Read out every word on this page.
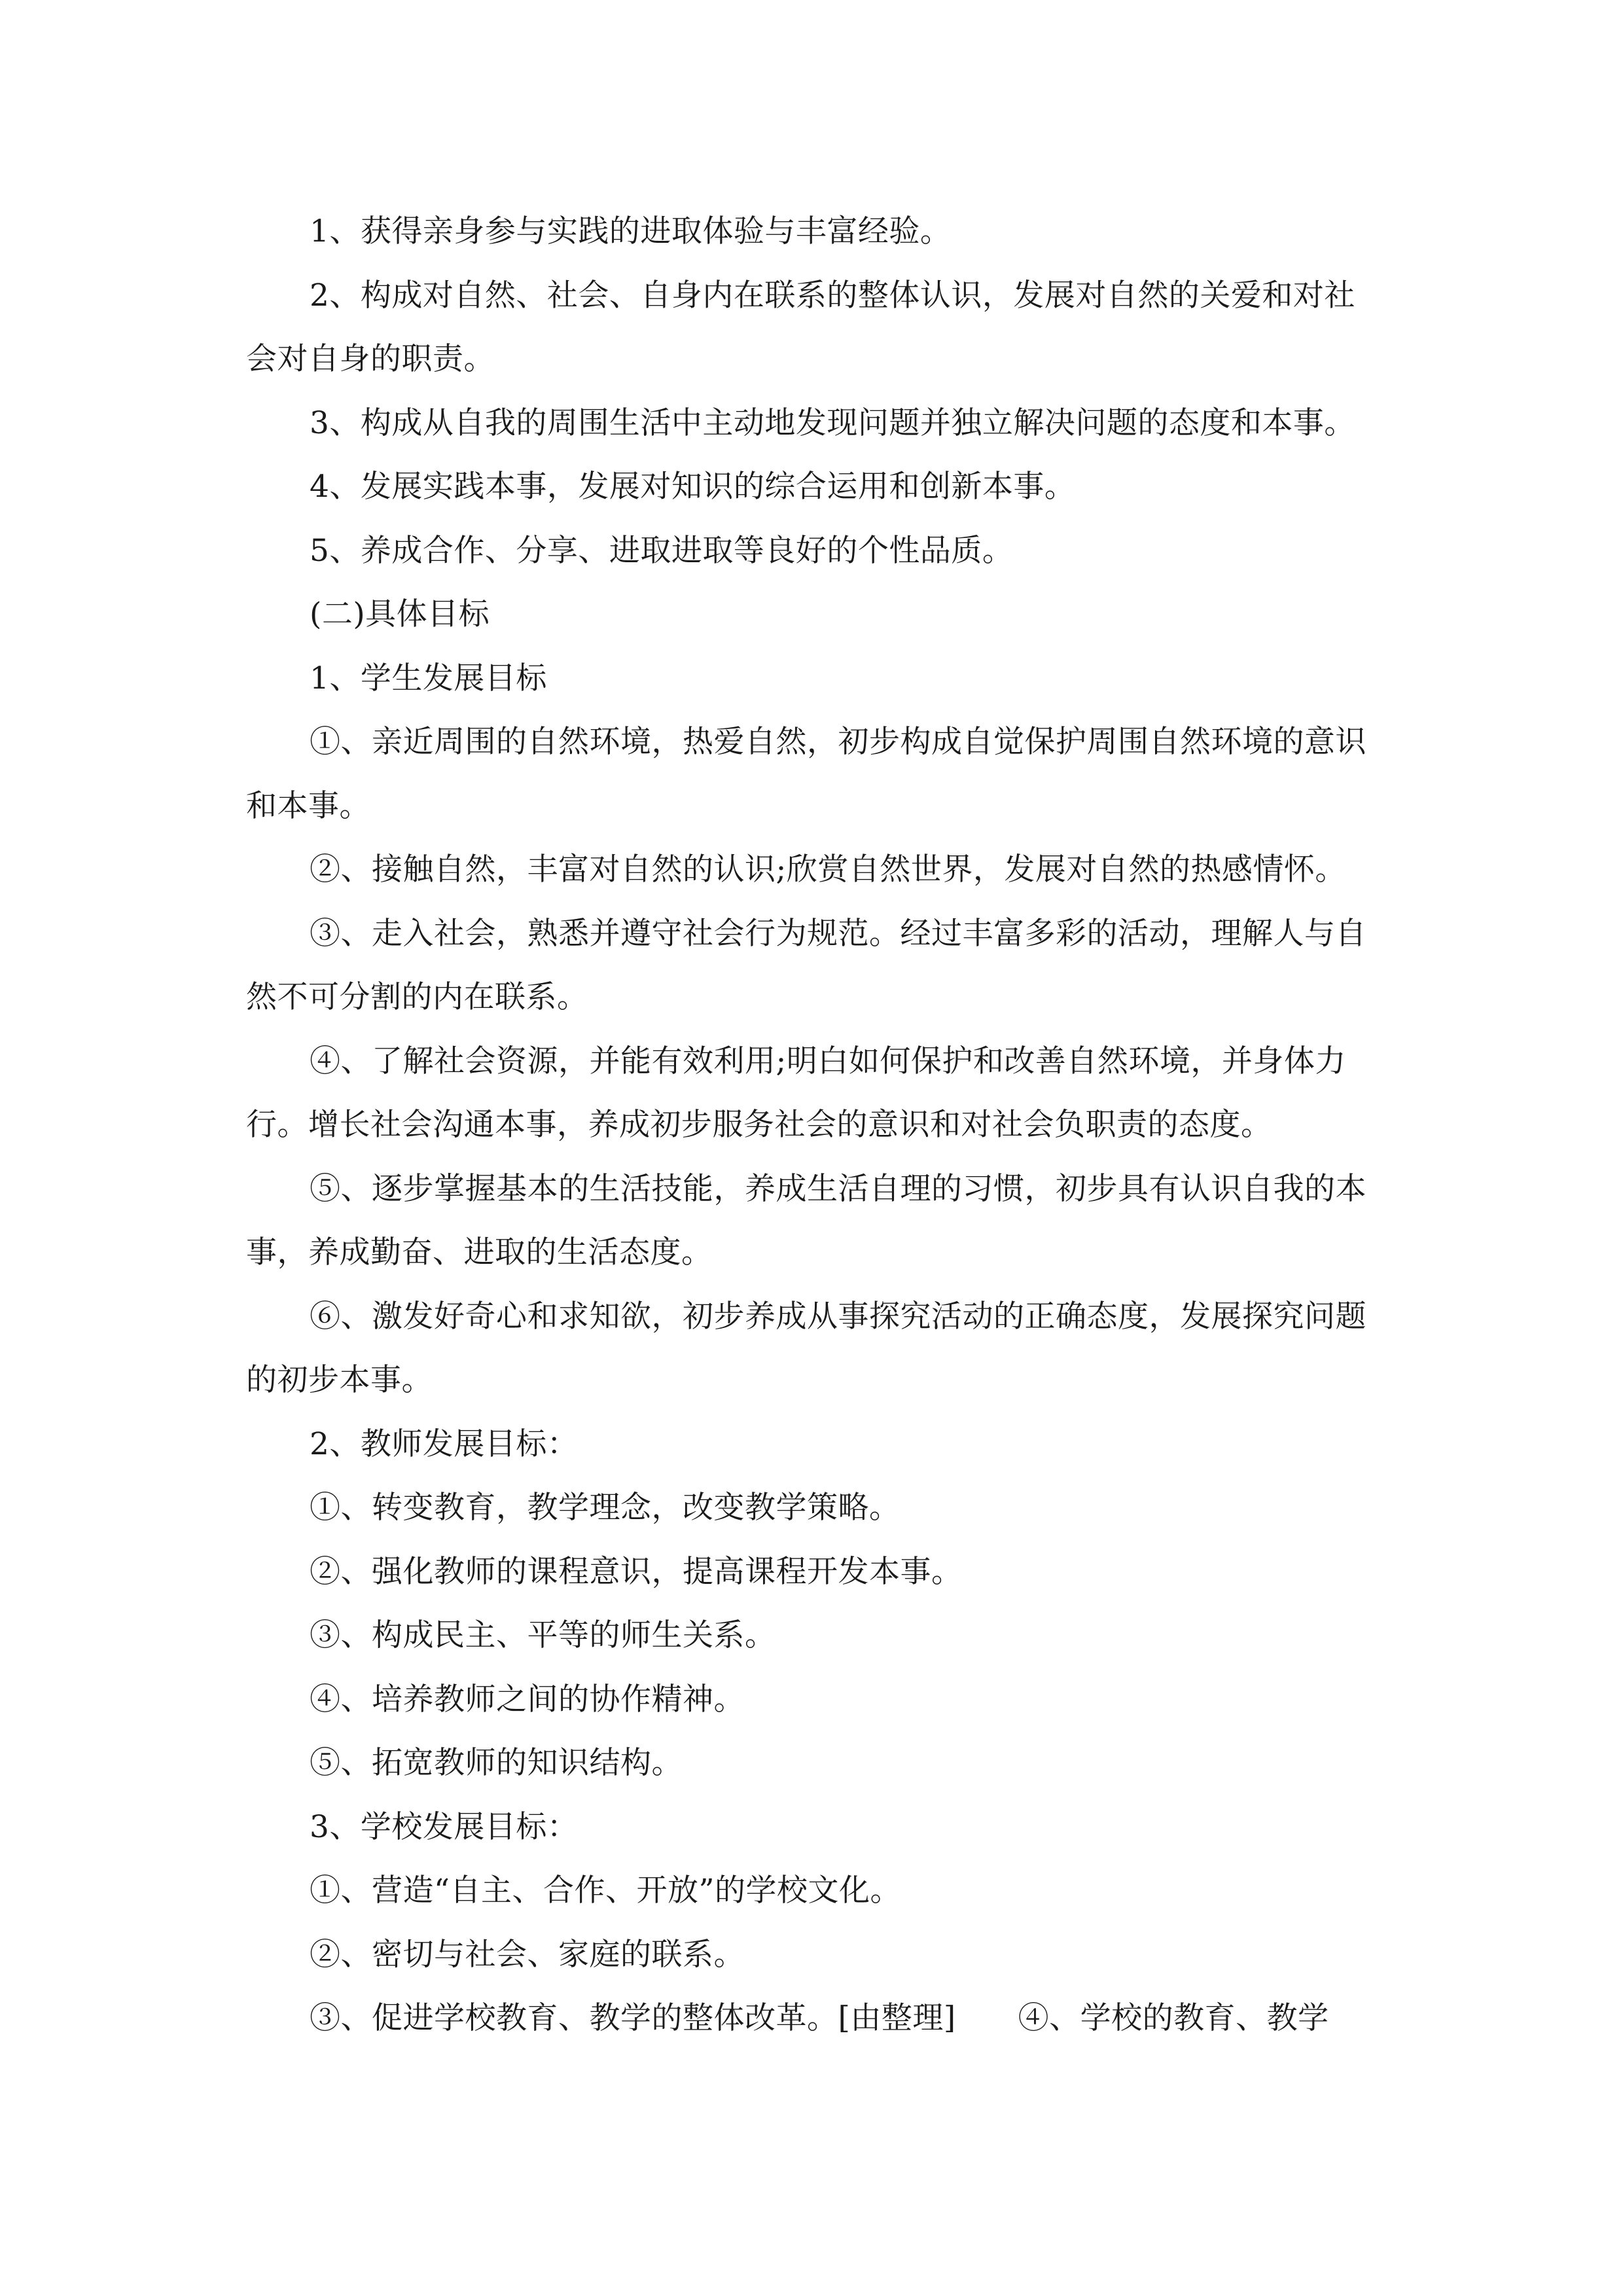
1、获得亲身参与实践的进取体验与丰富经验。

2、构成对自然、社会、自身内在联系的整体认识，发展对自然的关爱和对社会对自身的职责。

3、构成从自我的周围生活中主动地发现问题并独立解决问题的态度和本事。

4、发展实践本事，发展对知识的综合运用和创新本事。

5、养成合作、分享、进取进取等良好的个性品质。

(二)具体目标

1、学生发展目标

①、亲近周围的自然环境，热爱自然，初步构成自觉保护周围自然环境的意识和本事。

②、接触自然，丰富对自然的认识;欣赏自然世界，发展对自然的热感情怀。

③、走入社会，熟悉并遵守社会行为规范。经过丰富多彩的活动，理解人与自然不可分割的内在联系。

④、了解社会资源，并能有效利用;明白如何保护和改善自然环境，并身体力行。增长社会沟通本事，养成初步服务社会的意识和对社会负职责的态度。

⑤、逐步掌握基本的生活技能，养成生活自理的习惯，初步具有认识自我的本事，养成勤奋、进取的生活态度。

⑥、激发好奇心和求知欲，初步养成从事探究活动的正确态度，发展探究问题的初步本事。

2、教师发展目标：

①、转变教育，教学理念，改变教学策略。

②、强化教师的课程意识，提高课程开发本事。

③、构成民主、平等的师生关系。

④、培养教师之间的协作精神。

⑤、拓宽教师的知识结构。

3、学校发展目标：

①、营造“自主、合作、开放”的学校文化。

②、密切与社会、家庭的联系。

③、促进学校教育、教学的整体改革。[由整理]　　④、学校的教育、教学
